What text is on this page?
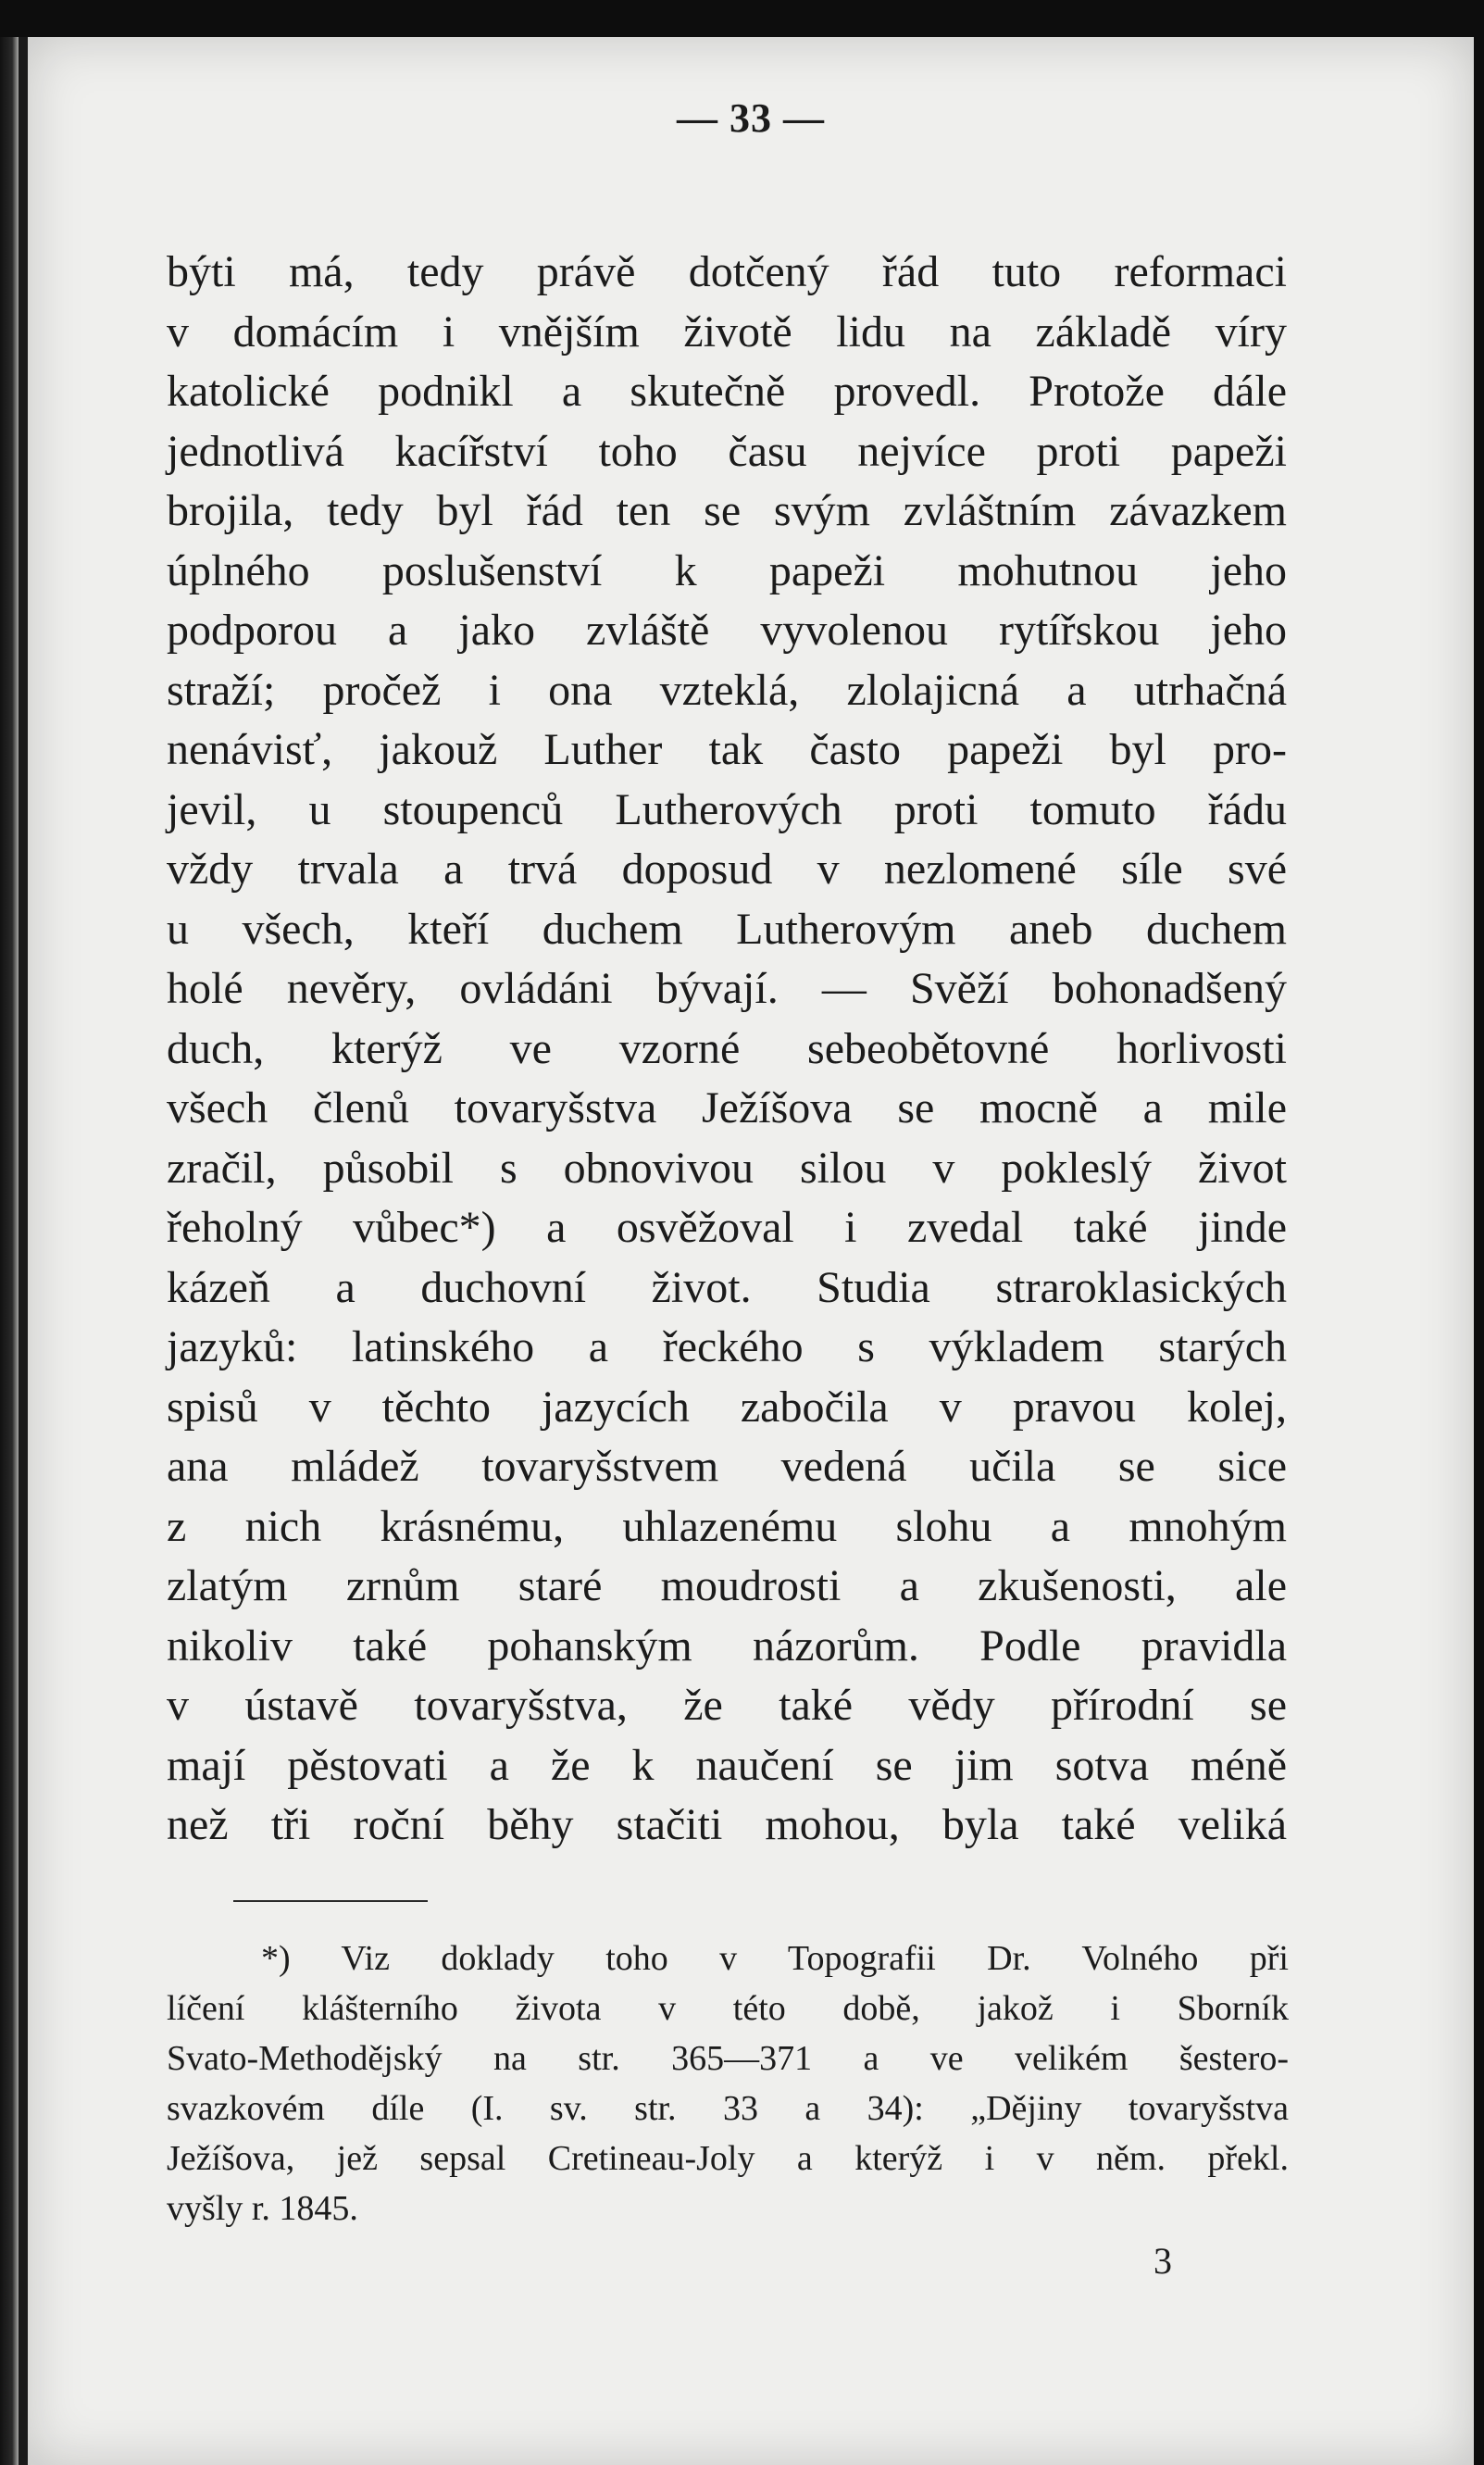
— 33 —
býti má, tedy právě dotčený řád tuto reformaci
v domácím i vnějším životě lidu na základě víry
katolické podnikl a skutečně provedl. Protože dále
jednotlivá kacířství toho času nejvíce proti papeži
brojila, tedy byl řád ten se svým zvláštním závazkem
úplného poslušenství k papeži mohutnou jeho
podporou a jako zvláště vyvolenou rytířskou jeho
straží; pročež i ona vzteklá, zlolajicná a utrhačná
nenávisť, jakouž Luther tak často papeži byl pro-
jevil, u stoupenců Lutherových proti tomuto řádu
vždy trvala a trvá doposud v nezlomené síle své
u všech, kteří duchem Lutherovým aneb duchem
holé nevěry, ovládáni bývají. — Svěží bohonadšený
duch, kterýž ve vzorné sebeobětovné horlivosti
všech členů tovaryšstva Ježíšova se mocně a mile
zračil, působil s obnovivou silou v pokleslý život
řeholný vůbec*) a osvěžoval i zvedal také jinde
kázeň a duchovní život. Studia straroklasických
jazyků: latinského a řeckého s výkladem starých
spisů v těchto jazycích zabočila v pravou kolej,
ana mládež tovaryšstvem vedená učila se sice
z nich krásnému, uhlazenému slohu a mnohým
zlatým zrnům staré moudrosti a zkušenosti, ale
nikoliv také pohanským názorům. Podle pravidla
v ústavě tovaryšstva, že také vědy přírodní se
mají pěstovati a že k naučení se jim sotva méně
než tři roční běhy stačiti mohou, byla také veliká
*) Viz doklady toho v Topografii Dr. Volného při
líčení klášterního života v této době, jakož i Sborník
Svato-Methodějský na str. 365—371 a ve velikém šestero-
svazkovém díle (I. sv. str. 33 a 34): „Dějiny tovaryšstva
Ježíšova, jež sepsal Cretineau-Joly a kterýž i v něm. překl.
vyšly r. 1845.
3
